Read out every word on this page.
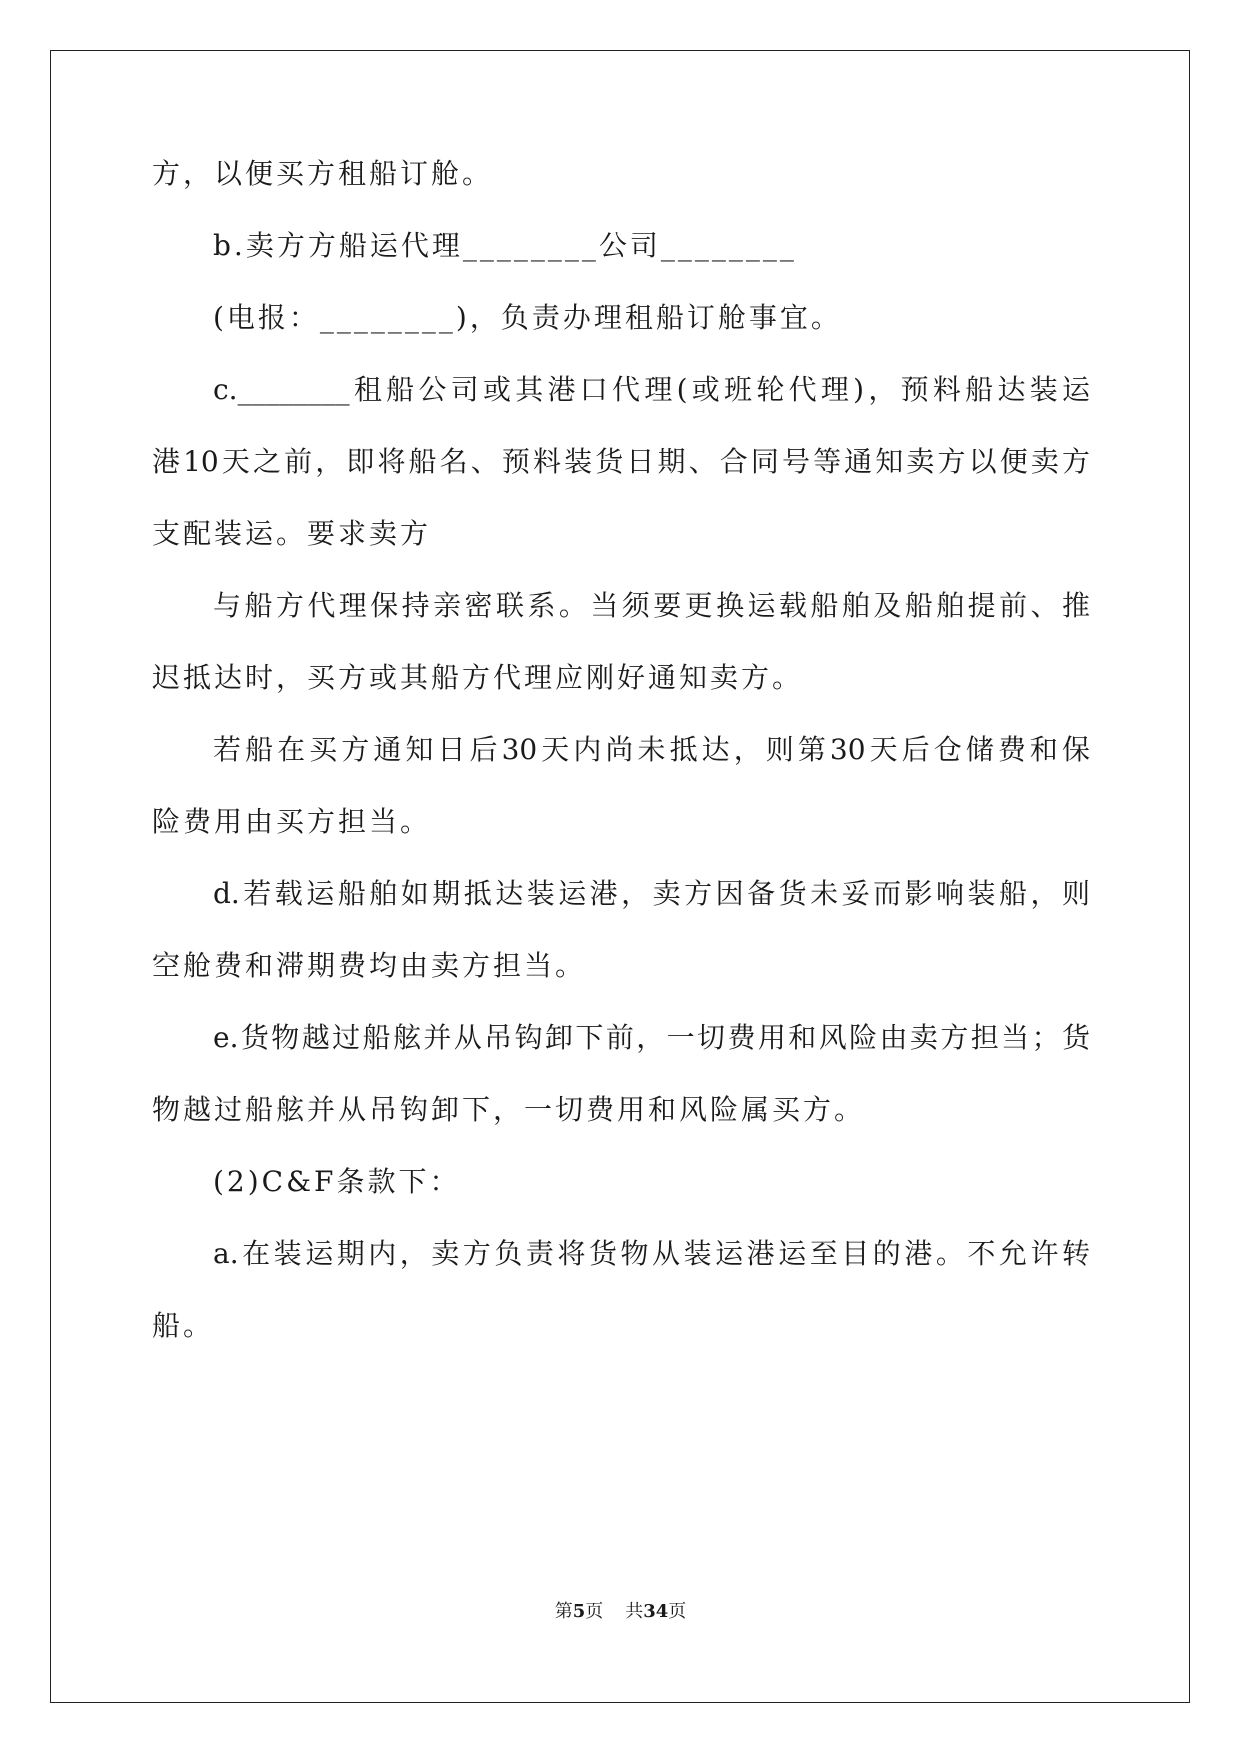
方，以便买方租船订舱。
b.卖方方船运代理________公司________
(电报：________)，负责办理租船订舱事宜。
c.________租船公司或其港口代理(或班轮代理)，预料船达装运
港10天之前，即将船名、预料装货日期、合同号等通知卖方以便卖方
支配装运。要求卖方
与船方代理保持亲密联系。当须要更换运载船舶及船舶提前、推
迟抵达时，买方或其船方代理应刚好通知卖方。
若船在买方通知日后30天内尚未抵达，则第30天后仓储费和保
险费用由买方担当。
d.若载运船舶如期抵达装运港，卖方因备货未妥而影响装船，则
空舱费和滞期费均由卖方担当。
e.货物越过船舷并从吊钩卸下前，一切费用和风险由卖方担当；货
物越过船舷并从吊钩卸下，一切费用和风险属买方。
(2)C&F条款下：
a.在装运期内，卖方负责将货物从装运港运至目的港。不允许转
船。
第5页 共34页
